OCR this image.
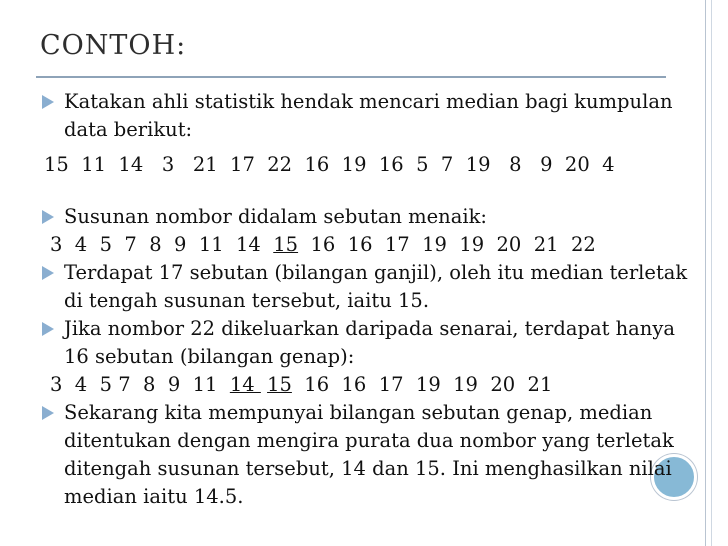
CONTOH:
Katakan ahli statistik hendak mencari median bagi kumpulan data berikut:
15  11  14   3   21  17  22  16  19  16  5  7  19   8   9  20  4
Susunan nombor didalam sebutan menaik:
3  4  5  7  8  9  11  14  15  16  16  17  19  19  20  21  22
Terdapat 17 sebutan (bilangan ganjil), oleh itu median terletak di tengah susunan tersebut, iaitu 15.
Jika nombor 22 dikeluarkan daripada senarai, terdapat hanya 16 sebutan (bilangan genap):
3  4  5 7  8  9  11  14  15  16  16  17  19  19  20  21
Sekarang kita mempunyai bilangan sebutan genap, median ditentukan dengan mengira purata dua nombor yang terletak ditengah susunan tersebut, 14 dan 15. Ini menghasilkan nilai median iaitu 14.5.
